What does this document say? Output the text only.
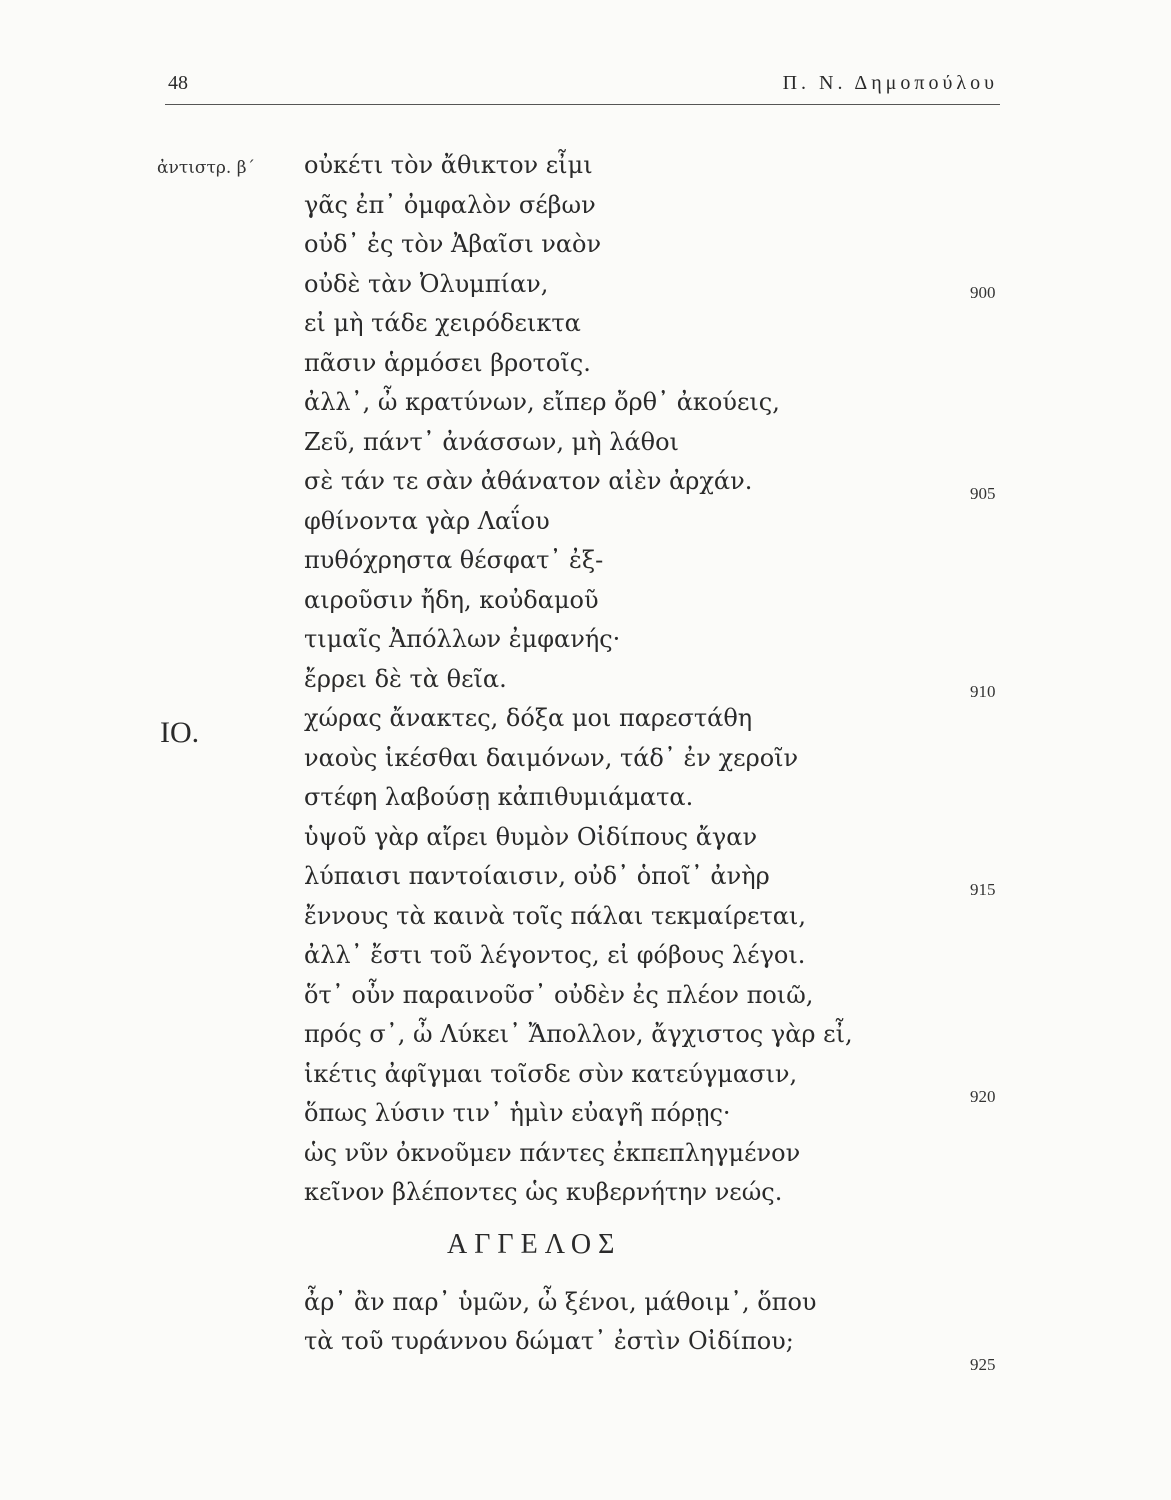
48	Π. Ν. Δημοπούλου
ἀντιστρ. β΄
ΙΟ.
οὐκέτι τὸν ἄθικτον εἶμι
γᾶς ἐπ᾽ ὀμφαλὸν σέβων
οὐδ᾽ ἐς τὸν Ἀβαῖσι ναὸν
οὐδὲ τὰν Ὀλυμπίαν,
εἰ μὴ τάδε χειρόδεικτα
πᾶσιν ἁρμόσει βροτοῖς.
ἀλλ᾽, ὦ κρατύνων, εἴπερ ὄρθ᾽ ἀκούεις,
Ζεῦ, πάντ᾽ ἀνάσσων, μὴ λάθοι
σὲ τάν τε σὰν ἀθάνατον αἰὲν ἀρχάν.
φθίνοντα γὰρ Λαΐου
πυθόχρηστα θέσφατ᾽ ἐξ-
αιροῦσιν ἤδη, κοὐδαμοῦ
τιμαῖς Ἀπόλλων ἐμφανής·
ἔρρει δὲ τὰ θεῖα.
χώρας ἄνακτες, δόξα μοι παρεστάθη
ναοὺς ἱκέσθαι δαιμόνων, τάδ᾽ ἐν χεροῖν
στέφη λαβούσῃ κἀπιθυμιάματα.
ὑψοῦ γὰρ αἴρει θυμὸν Οἰδίπους ἄγαν
λύπαισι παντοίαισιν, οὐδ᾽ ὁποῖ᾽ ἀνὴρ
ἔννους τὰ καινὰ τοῖς πάλαι τεκμαίρεται,
ἀλλ᾽ ἔστι τοῦ λέγοντος, εἰ φόβους λέγοι.
ὅτ᾽ οὖν παραινοῦσ᾽ οὐδὲν ἐς πλέον ποιῶ,
πρός σ᾽, ὦ Λύκει᾽ Ἄπολλον, ἄγχιστος γὰρ εἶ,
ἱκέτις ἀφῖγμαι τοῖσδε σὺν κατεύγμασιν,
ὅπως λύσιν τιν᾽ ἡμὶν εὐαγῆ πόρῃς·
ὡς νῦν ὀκνοῦμεν πάντες ἐκπεπληγμένον
κεῖνον βλέποντες ὡς κυβερνήτην νεώς.
ΑΓΓΕΛΟΣ
ἆρ᾽ ἂν παρ᾽ ὑμῶν, ὦ ξένοι, μάθοιμ᾽, ὅπου
τὰ τοῦ τυράννου δώματ᾽ ἐστὶν Οἰδίπου;
900
905
910
915
920
925
